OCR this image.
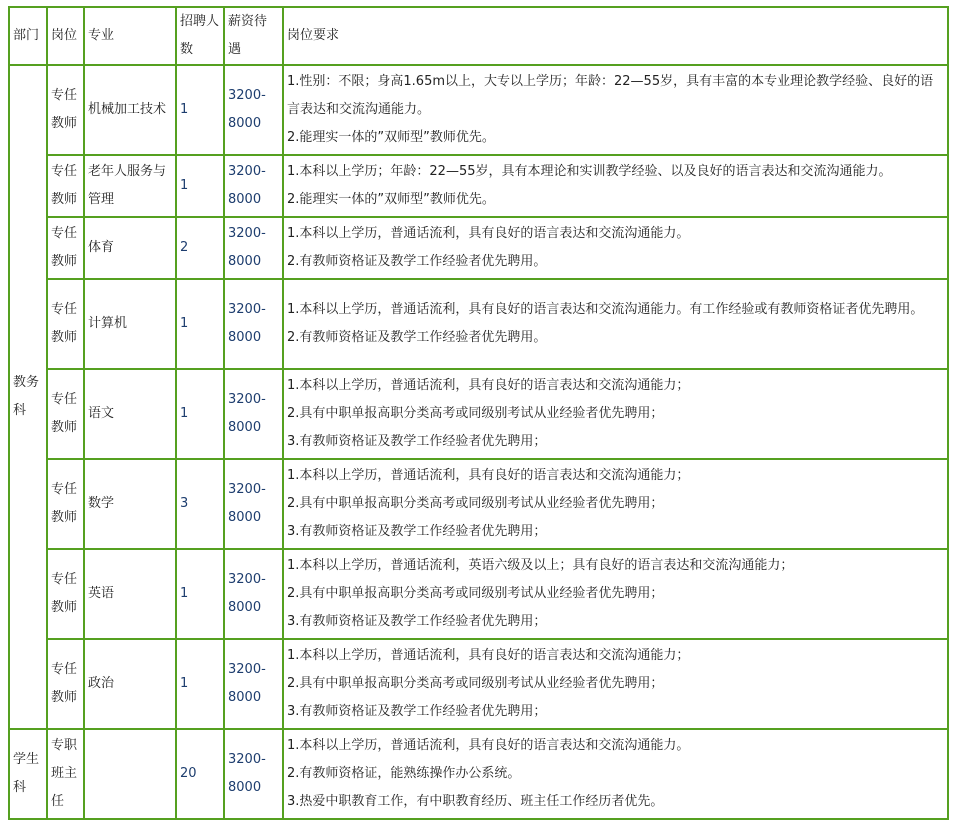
部门	岗位	专业	招聘人数	薪资待遇	岗位要求
教务科	专任教师	机械加工技术	1	3200-8000	1.性别：不限；身高1.65m以上，大专以上学历；年龄：22—55岁，具有丰富的本专业理论教学经验、良好的语言表达和交流沟通能力。
2.能理实一体的”双师型”教师优先。

	专任教师	老年人服务与管理	1	3200-8000	1.本科以上学历；年龄：22—55岁，具有本理论和实训教学经验、以及良好的语言表达和交流沟通能力。
2.能理实一体的”双师型”教师优先。

	专任教师	体育	2	3200-8000	1.本科以上学历，普通话流利，具有良好的语言表达和交流沟通能力。
2.有教师资格证及教学工作经验者优先聘用。

	专任教师	计算机	1	3200-8000	1.本科以上学历，普通话流利，具有良好的语言表达和交流沟通能力。有工作经验或有教师资格证者优先聘用。
2.有教师资格证及教学工作经验者优先聘用。

	专任教师	语文	1	3200-8000	1.本科以上学历，普通话流利，具有良好的语言表达和交流沟通能力；
2.具有中职单报高职分类高考或同级别考试从业经验者优先聘用；
3.有教师资格证及教学工作经验者优先聘用；

	专任教师	数学	3	3200-8000	1.本科以上学历，普通话流利，具有良好的语言表达和交流沟通能力；
2.具有中职单报高职分类高考或同级别考试从业经验者优先聘用；
3.有教师资格证及教学工作经验者优先聘用；

	专任教师	英语	1	3200-8000	1.本科以上学历，普通话流利，英语六级及以上；具有良好的语言表达和交流沟通能力；
2.具有中职单报高职分类高考或同级别考试从业经验者优先聘用；
3.有教师资格证及教学工作经验者优先聘用；

	专任教师	政治	1	3200-8000	1.本科以上学历，普通话流利，具有良好的语言表达和交流沟通能力；
2.具有中职单报高职分类高考或同级别考试从业经验者优先聘用；
3.有教师资格证及教学工作经验者优先聘用；

学生科	专职班主任		20	3200-8000	1.本科以上学历，普通话流利，具有良好的语言表达和交流沟通能力。
2.有教师资格证，能熟练操作办公系统。
3.热爱中职教育工作，有中职教育经历、班主任工作经历者优先。
